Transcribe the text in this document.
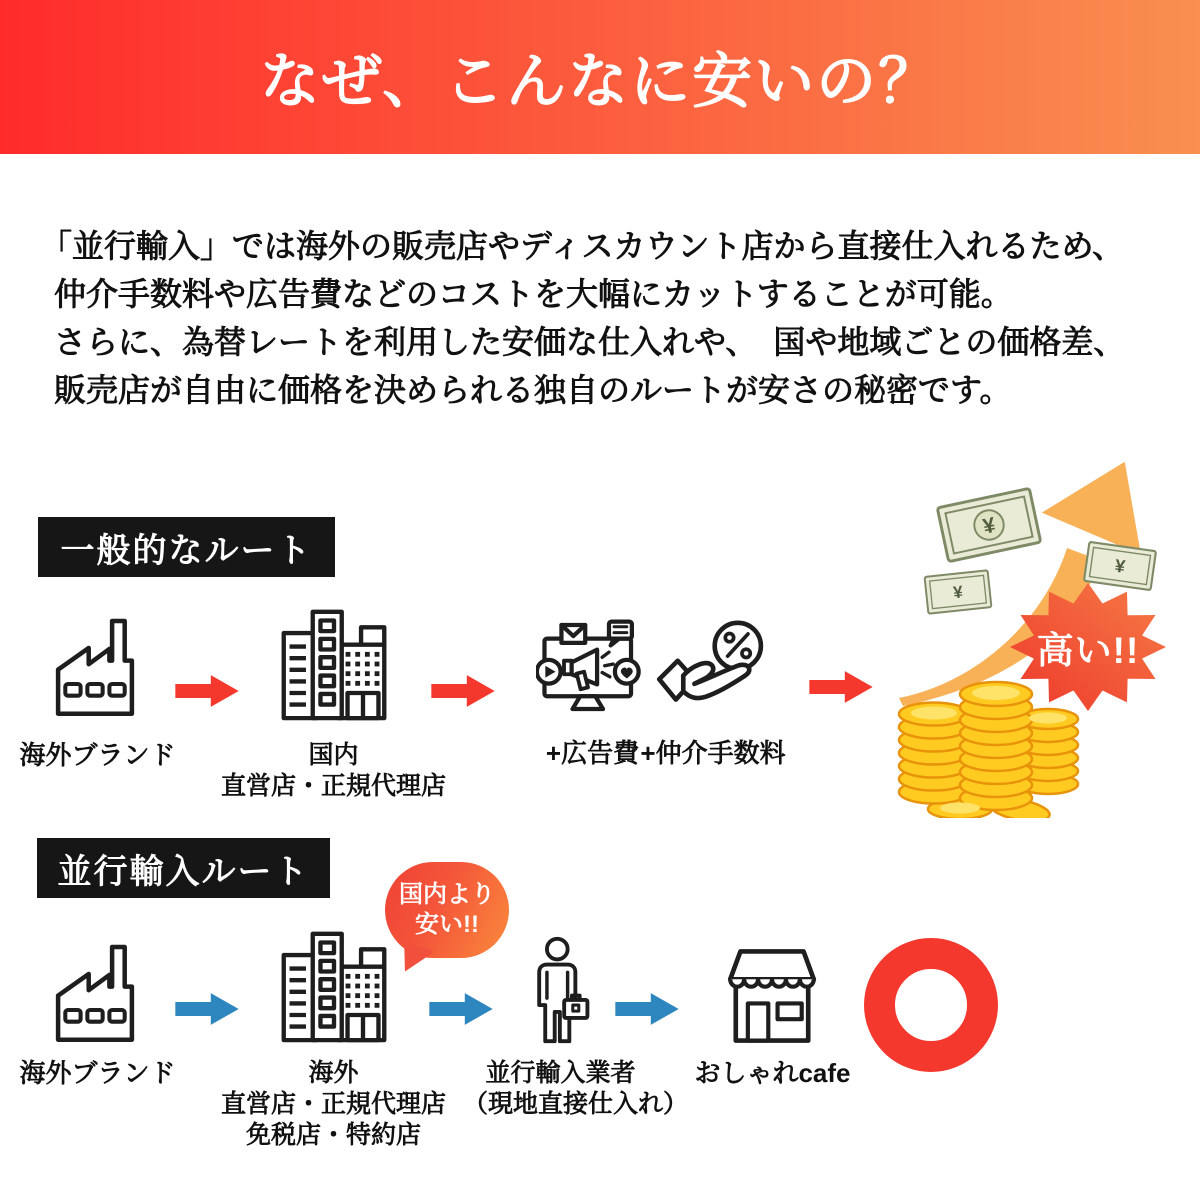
なぜ、こんなに安いの？
「並行輸入」では海外の販売店やディスカウント店から直接仕入れるため、
仲介手数料や広告費などのコストを大幅にカットすることが可能。
さらに、為替レートを利用した安価な仕入れや、　国や地域ごとの価格差、
販売店が自由に価格を決められる独自のルートが安さの秘密です。
一般的なルート
海外ブランド	国内
直営店・正規代理店
+広告費 +仲介手数料
¥
¥
¥
高い!!
並行輸入ルート
国内より
安い!!
海外ブランド	海外
直営店・正規代理店
免税店・特約店
並行輸入業者
（現地直接仕入れ）
おしゃれcafe
